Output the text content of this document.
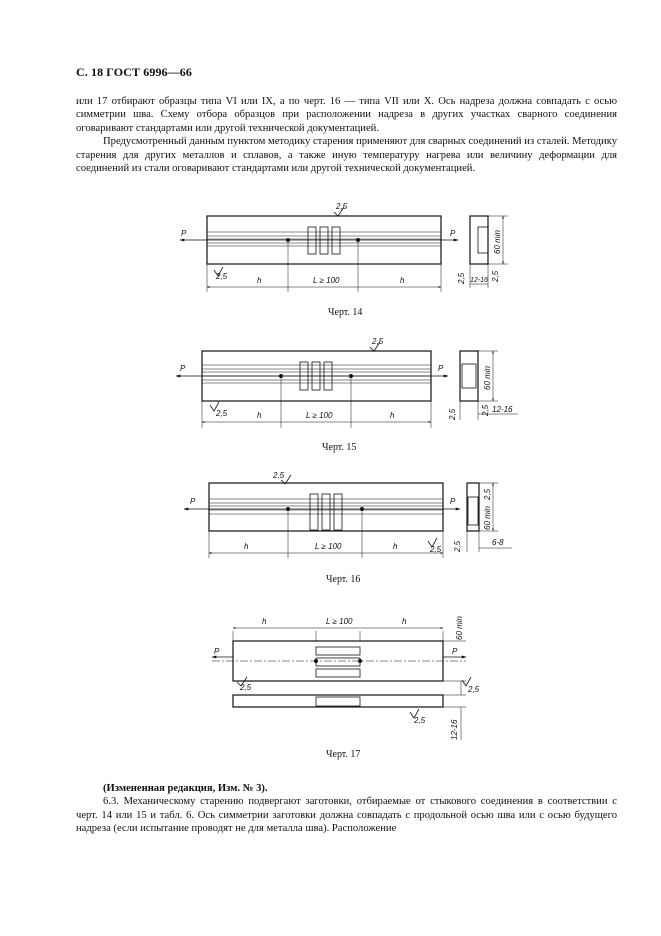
С. 18 ГОСТ 6996—66

или 17 отбирают образцы типа VI или IX, а по черт. 16 — типа VII или X. Ось надреза должна совпадать с осью симметрии шва. Схему отбора образцов при расположении надреза в других участках сварного соединения оговаривают стандартами или другой технической документацией.

Предусмотренный данным пунктом методику старения применяют для сварных соединений из сталей. Методику старения для других металлов и сплавов, а также иную температуру нагрева или величину деформации для соединений из стали оговаривают стандартами или другой технической документацией.

P	P
2,5
2,5	h	L ≥ 100	h
60 min
2,5	2,5
12-16
Черт. 14
P	P
2,5
2,5	h	L ≥ 100	h
60 min
2,5	2,5 12-16
Черт. 15
P	P
2,5
2,5
h	L ≥ 100	h
60 min
2,5
2,5	6-8
Черт. 16
h	L ≥ 100	h
P	P
2,5	2,5
2,5
60 min
12-16
Черт. 17

(Измененная редакция, Изм. № 3).

6.3. Механическому старению подвергают заготовки, отбираемые от стыкового соединения в соответствии с черт. 14 или 15 и табл. 6. Ось симметрии заготовки должна совпадать с продольной осью шва или с осью будущего надреза (если испытание проводят не для металла шва). Расположение
